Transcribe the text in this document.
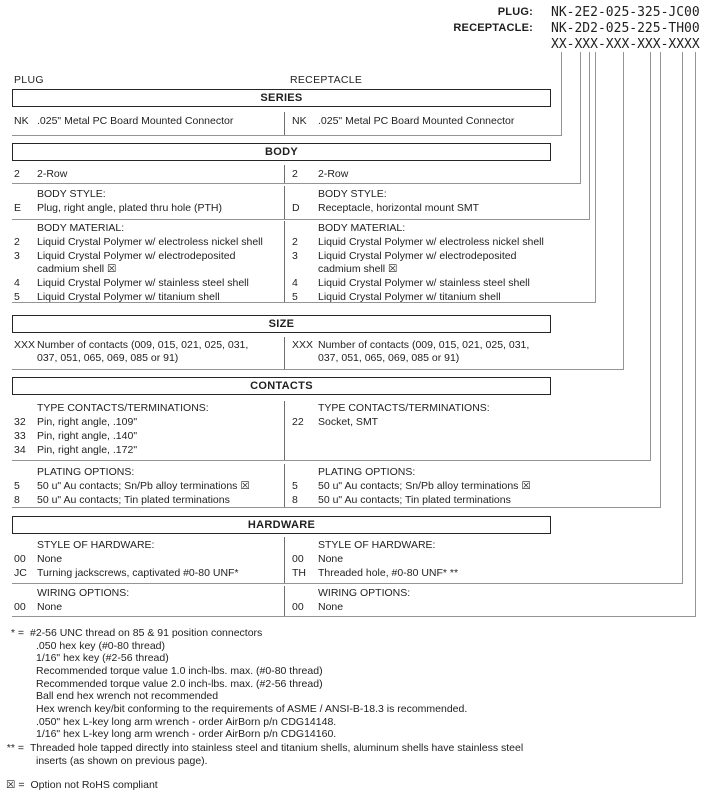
PLUG: NK-2E2-025-325-JC00
RECEPTACLE: NK-2D2-025-225-TH00
XX-XXX-XXX-XXX-XXXX
PLUG	RECEPTACLE
SERIES
BODY
SIZE
CONTACTS
HARDWARE
NK .025" Metal PC Board Mounted Connector	NK	.025" Metal PC Board Mounted Connector
2	2-Row	2	2-Row
BODY STYLE:
E	Plug, right angle, plated thru hole (PTH)
BODY STYLE:
D	Receptacle, horizontal mount SMT
BODY MATERIAL:
2	Liquid Crystal Polymer w/ electroless nickel shell
3	Liquid Crystal Polymer w/ electrodeposited
cadmium shell ☒
4	Liquid Crystal Polymer w/ stainless steel shell
5	Liquid Crystal Polymer w/ titanium shell
BODY MATERIAL:
2	Liquid Crystal Polymer w/ electroless nickel shell
3	Liquid Crystal Polymer w/ electrodeposited
cadmium shell ☒
4	Liquid Crystal Polymer w/ stainless steel shell
5	Liquid Crystal Polymer w/ titanium shell
XXX Number of contacts (009, 015, 021, 025, 031,
037, 051, 065, 069, 085 or 91)
XXX Number of contacts (009, 015, 021, 025, 031,
037, 051, 065, 069, 085 or 91)
TYPE CONTACTS/TERMINATIONS:
32	Pin, right angle, .109"
33	Pin, right angle, .140"
34	Pin, right angle, .172"
TYPE CONTACTS/TERMINATIONS:
22	Socket, SMT
PLATING OPTIONS:
5	50 u" Au contacts; Sn/Pb alloy terminations ☒
8	50 u" Au contacts; Tin plated terminations
PLATING OPTIONS:
5	50 u" Au contacts; Sn/Pb alloy terminations ☒
8	50 u" Au contacts; Tin plated terminations
STYLE OF HARDWARE:
00	None
JC Turning jackscrews, captivated #0-80 UNF*
STYLE OF HARDWARE:
00	None
TH	Threaded hole, #0-80 UNF* **
WIRING OPTIONS:
00	None
WIRING OPTIONS:
00	None
* = #2-56 UNC thread on 85 & 91 position connectors
.050 hex key (#0-80 thread)
1/16" hex key (#2-56 thread)
Recommended torque value 1.0 inch-lbs. max. (#0-80 thread)
Recommended torque value 2.0 inch-lbs. max. (#2-56 thread)
Ball end hex wrench not recommended
Hex wrench key/bit conforming to the requirements of ASME / ANSI-B-18.3 is recommended.
.050" hex L-key long arm wrench - order AirBorn p/n CDG14148.
1/16" hex L-key long arm wrench - order AirBorn p/n CDG14160.
** = Threaded hole tapped directly into stainless steel and titanium shells, aluminum shells have stainless steel
inserts (as shown on previous page).
☒ = Option not RoHS compliant
